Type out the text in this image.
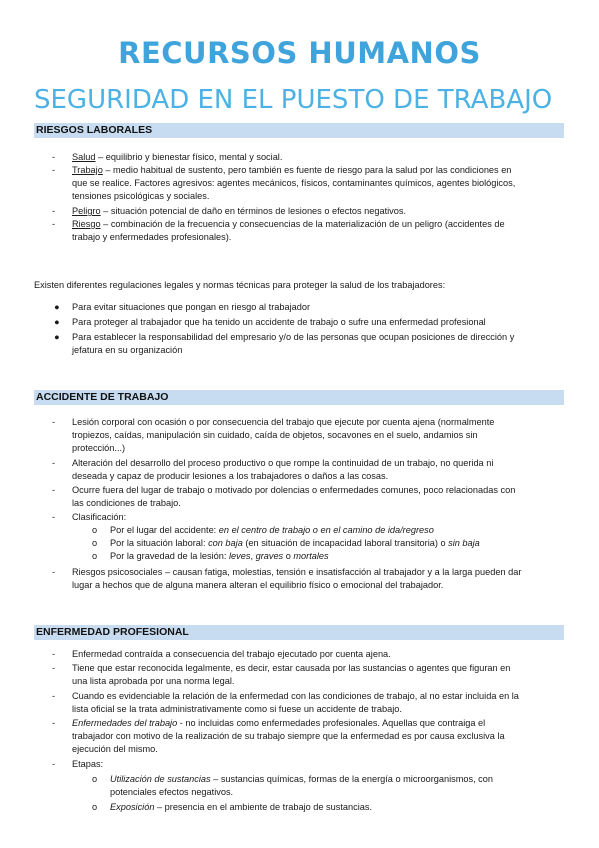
RECURSOS HUMANOS
SEGURIDAD EN EL PUESTO DE TRABAJO
RIESGOS LABORALES
- Salud – equilibrio y bienestar físico, mental y social.
- Trabajo – medio habitual de sustento, pero también es fuente de riesgo para la salud por las condiciones en
que se realice. Factores agresivos: agentes mecánicos, físicos, contaminantes químicos, agentes biológicos,
tensiones psicológicas y sociales.
- Peligro – situación potencial de daño en términos de lesiones o efectos negativos.
- Riesgo – combinación de la frecuencia y consecuencias de la materialización de un peligro (accidentes de
trabajo y enfermedades profesionales).
Existen diferentes regulaciones legales y normas técnicas para proteger la salud de los trabajadores:
● Para evitar situaciones que pongan en riesgo al trabajador
● Para proteger al trabajador que ha tenido un accidente de trabajo o sufre una enfermedad profesional
● Para establecer la responsabilidad del empresario y/o de las personas que ocupan posiciones de dirección y
jefatura en su organización
ACCIDENTE DE TRABAJO
- Lesión corporal con ocasión o por consecuencia del trabajo que ejecute por cuenta ajena (normalmente
tropiezos, caídas, manipulación sin cuidado, caída de objetos, socavones en el suelo, andamios sin
protección...)
- Alteración del desarrollo del proceso productivo o que rompe la continuidad de un trabajo, no querida ni
deseada y capaz de producir lesiones a los trabajadores o daños a las cosas.
- Ocurre fuera del lugar de trabajo o motivado por dolencias o enfermedades comunes, poco relacionadas con
las condiciones de trabajo.
- Clasificación:
o Por el lugar del accidente: en el centro de trabajo o en el camino de ida/regreso
o Por la situación laboral: con baja (en situación de incapacidad laboral transitoria) o sin baja
o Por la gravedad de la lesión: leves, graves o mortales
- Riesgos psicosociales – causan fatiga, molestias, tensión e insatisfacción al trabajador y a la larga pueden dar
lugar a hechos que de alguna manera alteran el equilibrio físico o emocional del trabajador.
ENFERMEDAD PROFESIONAL
- Enfermedad contraída a consecuencia del trabajo ejecutado por cuenta ajena.
- Tiene que estar reconocida legalmente, es decir, estar causada por las sustancias o agentes que figuran en
una lista aprobada por una norma legal.
- Cuando es evidenciable la relación de la enfermedad con las condiciones de trabajo, al no estar incluida en la
lista oficial se la trata administrativamente como si fuese un accidente de trabajo.
- Enfermedades del trabajo - no incluidas como enfermedades profesionales. Aquellas que contraiga el
trabajador con motivo de la realización de su trabajo siempre que la enfermedad es por causa exclusiva la
ejecución del mismo.
- Etapas:
o Utilización de sustancias – sustancias químicas, formas de la energía o microorganismos, con
potenciales efectos negativos.
o Exposición – presencia en el ambiente de trabajo de sustancias.
